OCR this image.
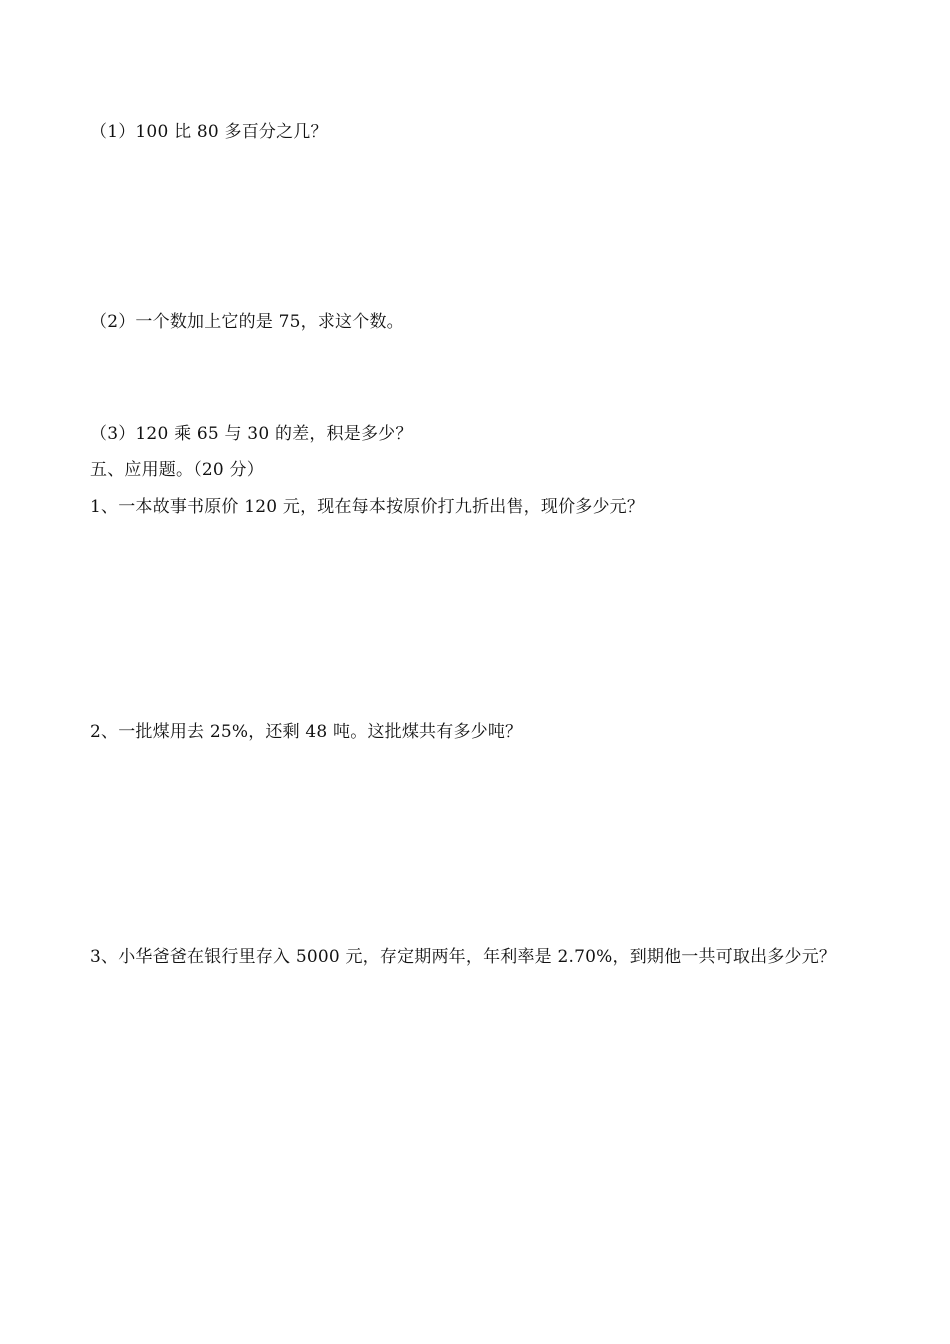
（1）100 比 80 多百分之几？
（2）一个数加上它的是 75，求这个数。
（3）120 乘 65 与 30 的差，积是多少？
五、应用题。（20 分）
1、一本故事书原价 120 元，现在每本按原价打九折出售，现价多少元？
2、一批煤用去 25%，还剩 48 吨。这批煤共有多少吨？
3、小华爸爸在银行里存入 5000 元，存定期两年，年利率是 2.70%，到期他一共可取出多少元？
